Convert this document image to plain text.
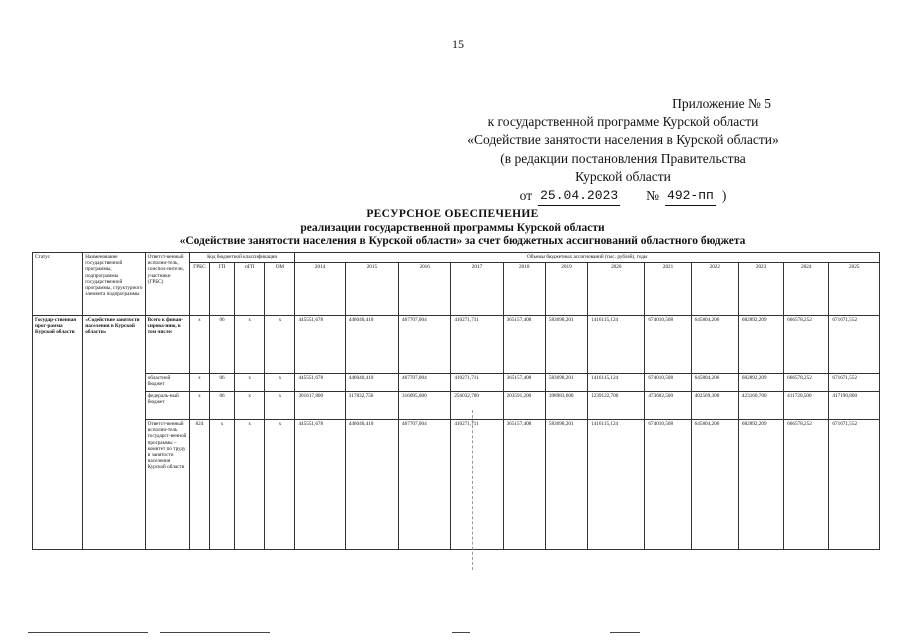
15
Приложение № 5
к государственной программе Курской области
«Содействие занятости населения в Курской области»
(в редакции постановления Правительства
Курской области
от 25.04.2023 № 492-пп )
РЕСУРСНОЕ ОБЕСПЕЧЕНИЕ
реализации государственной программы Курской области
«Содействие занятости населения в Курской области» за счет бюджетных ассигнований областного бюджета
Статус	Наименование государственной программы, подпрограммы государственной программы, структурного элемента подпрограммы	Ответст-венный исполни-тель, соиспол-нители, участники (ГРБС)	Код бюджетной классификации				Объемы бюджетных ассигнований (тыс. рублей), годы											
			ГРБС	ГП	пГП	ОМ	2014	2015	2016	2017	2018	2019	2020	2021	2022	2023	2024	2025
Государ-ственная прог-рамма Курской области	«Содействие занятости населения в Курской области»	Всего к финан-сирова-нию, в том числе:	х	06	х	х	445551,678	446040,410	467707,004	410271,711	365157,408	583698,201	1416115,124	674010,508	645804,206	682892,209	666578,252	671671,552
		областной бюджет	х	06	х	х	445551,678	446040,410	467707,004	410271,711	365157,408	583698,201	1416115,124	674010,508	645804,206	682892,209	666578,252	671671,552
		федераль-ный бюджет	х	06	х	х	301617,800	317832,756	316095,000	256032,700	203591,200	398983,600	1239122,700	473602,500	402569,300	423160,700	411720,500	417190,800
		Ответст-венный исполни-тель государст-венной программы – комитет по труду и занятости населения Курской области	824	х	х	х	445551,678	446040,410	467707,004	410271,711	365157,408	583698,201	1416115,124	674010,508	645804,206	682892,209	666578,252	671671,552
